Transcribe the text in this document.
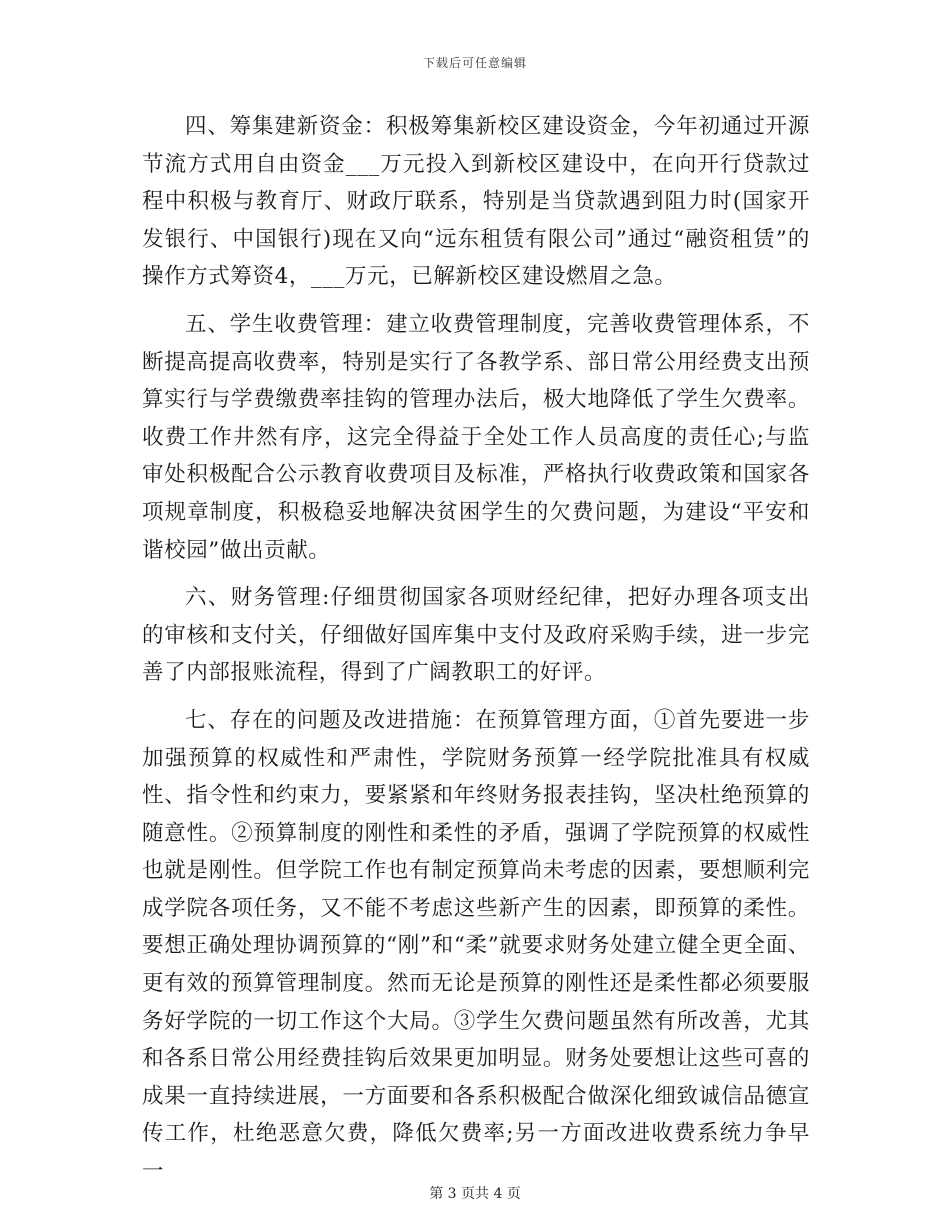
下载后可任意编辑

四、筹集建新资金：积极筹集新校区建设资金，今年初通过开源节流方式用自由资金___万元投入到新校区建设中，在向开行贷款过程中积极与教育厅、财政厅联系，特别是当贷款遇到阻力时(国家开发银行、中国银行)现在又向“远东租赁有限公司”通过“融资租赁”的操作方式筹资4，___万元，已解新校区建设燃眉之急。

五、学生收费管理：建立收费管理制度，完善收费管理体系，不断提高提高收费率，特别是实行了各教学系、部日常公用经费支出预算实行与学费缴费率挂钩的管理办法后，极大地降低了学生欠费率。收费工作井然有序，这完全得益于全处工作人员高度的责任心;与监审处积极配合公示教育收费项目及标准，严格执行收费政策和国家各项规章制度，积极稳妥地解决贫困学生的欠费问题，为建设“平安和谐校园”做出贡献。

六、财务管理:仔细贯彻国家各项财经纪律，把好办理各项支出的审核和支付关，仔细做好国库集中支付及政府采购手续，进一步完善了内部报账流程，得到了广阔教职工的好评。

七、存在的问题及改进措施：在预算管理方面，①首先要进一步加强预算的权威性和严肃性，学院财务预算一经学院批准具有权威性、指令性和约束力，要紧紧和年终财务报表挂钩，坚决杜绝预算的随意性。②预算制度的刚性和柔性的矛盾，强调了学院预算的权威性也就是刚性。但学院工作也有制定预算尚未考虑的因素，要想顺利完成学院各项任务，又不能不考虑这些新产生的因素，即预算的柔性。要想正确处理协调预算的“刚”和“柔”就要求财务处建立健全更全面、更有效的预算管理制度。然而无论是预算的刚性还是柔性都必须要服务好学院的一切工作这个大局。③学生欠费问题虽然有所改善，尤其和各系日常公用经费挂钩后效果更加明显。财务处要想让这些可喜的成果一直持续进展，一方面要和各系积极配合做深化细致诚信品德宣传工作，杜绝恶意欠费，降低欠费率;另一方面改进收费系统力争早一

第 3 页共 4 页
